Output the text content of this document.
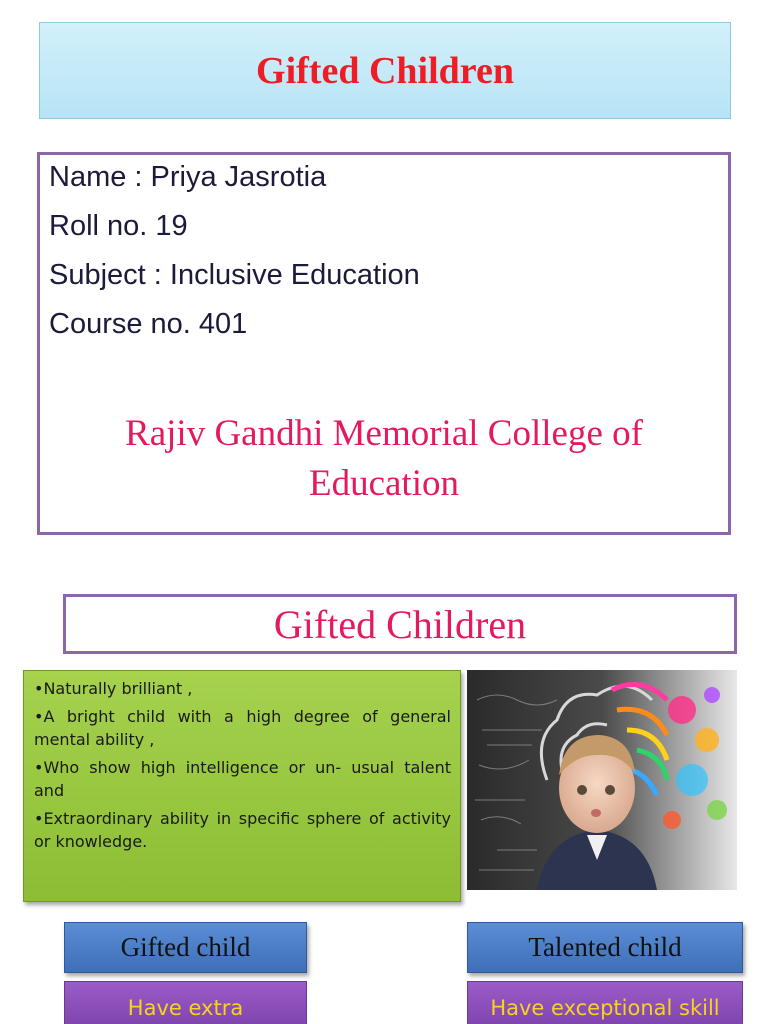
Gifted Children
Name : Priya Jasrotia
Roll no. 19
Subject : Inclusive Education
Course no. 401
Rajiv Gandhi Memorial College of
Education
Gifted Children

•Naturally brilliant ,

•A bright child with a high degree of general mental ability ,

•Who show high intelligence or un- usual talent and

•Extraordinary ability in specific sphere of activity or knowledge.

Gifted child	Talented child
Have extra	Have exceptional skill
